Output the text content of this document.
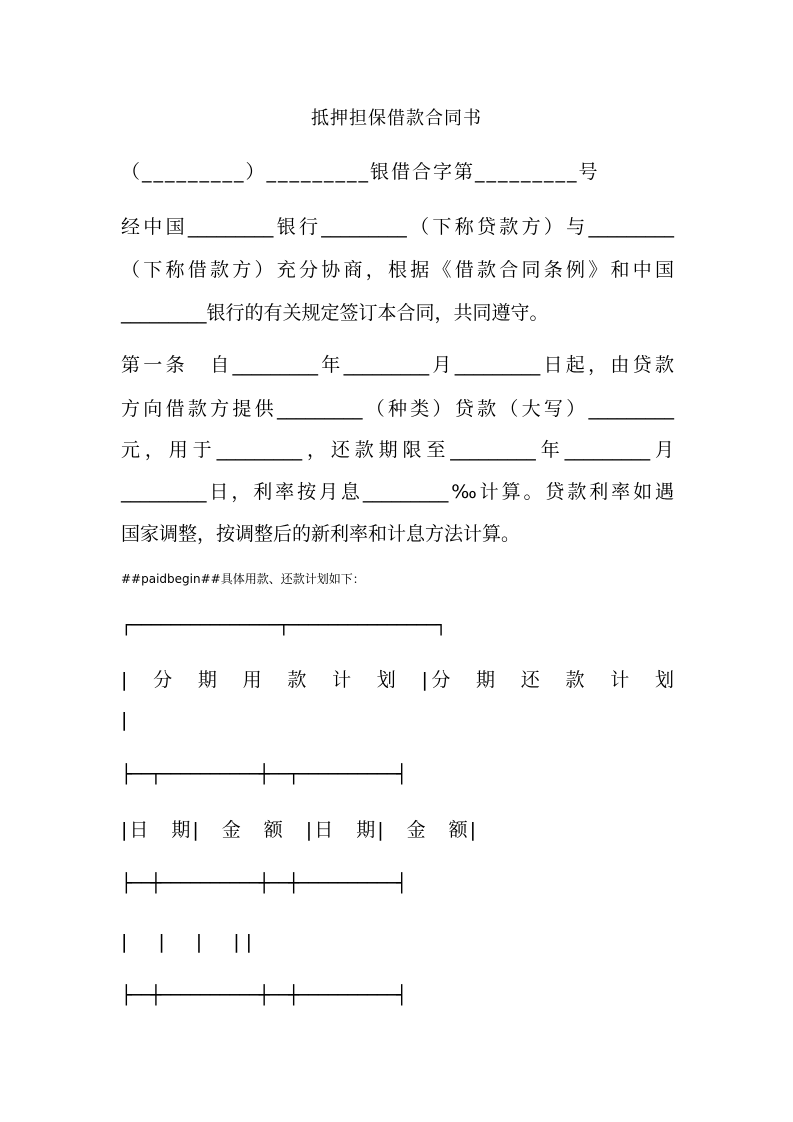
抵押担保借款合同书
（_________）_________银借合字第_________号
经中国_________银行_________（下称贷款方）与_________
（下称借款方）充分协商，根据《借款合同条例》和中国
_________银行的有关规定签订本合同，共同遵守。
第一条　自_________年_________月_________日起，由贷款
方向借款方提供_________（种类）贷款（大写）_________
元，用于_________，还款期限至_________年_________月
_________日，利率按月息_________‰计算。贷款利率如遇
国家调整，按调整后的新利率和计息方法计算。
##paidbegin##具体用款、还款计划如下：
┌───────────────┬───────────────┐
|　分　期　用　款　计　划　|分　期　还　款　计　划
|
├──┬──────────┼──┬──────────┤
|日　期|　金　额　|日　期|　金　额|
├──┼──────────┼──┼──────────┤
|　|　|　||
├──┼──────────┼──┼──────────┤
